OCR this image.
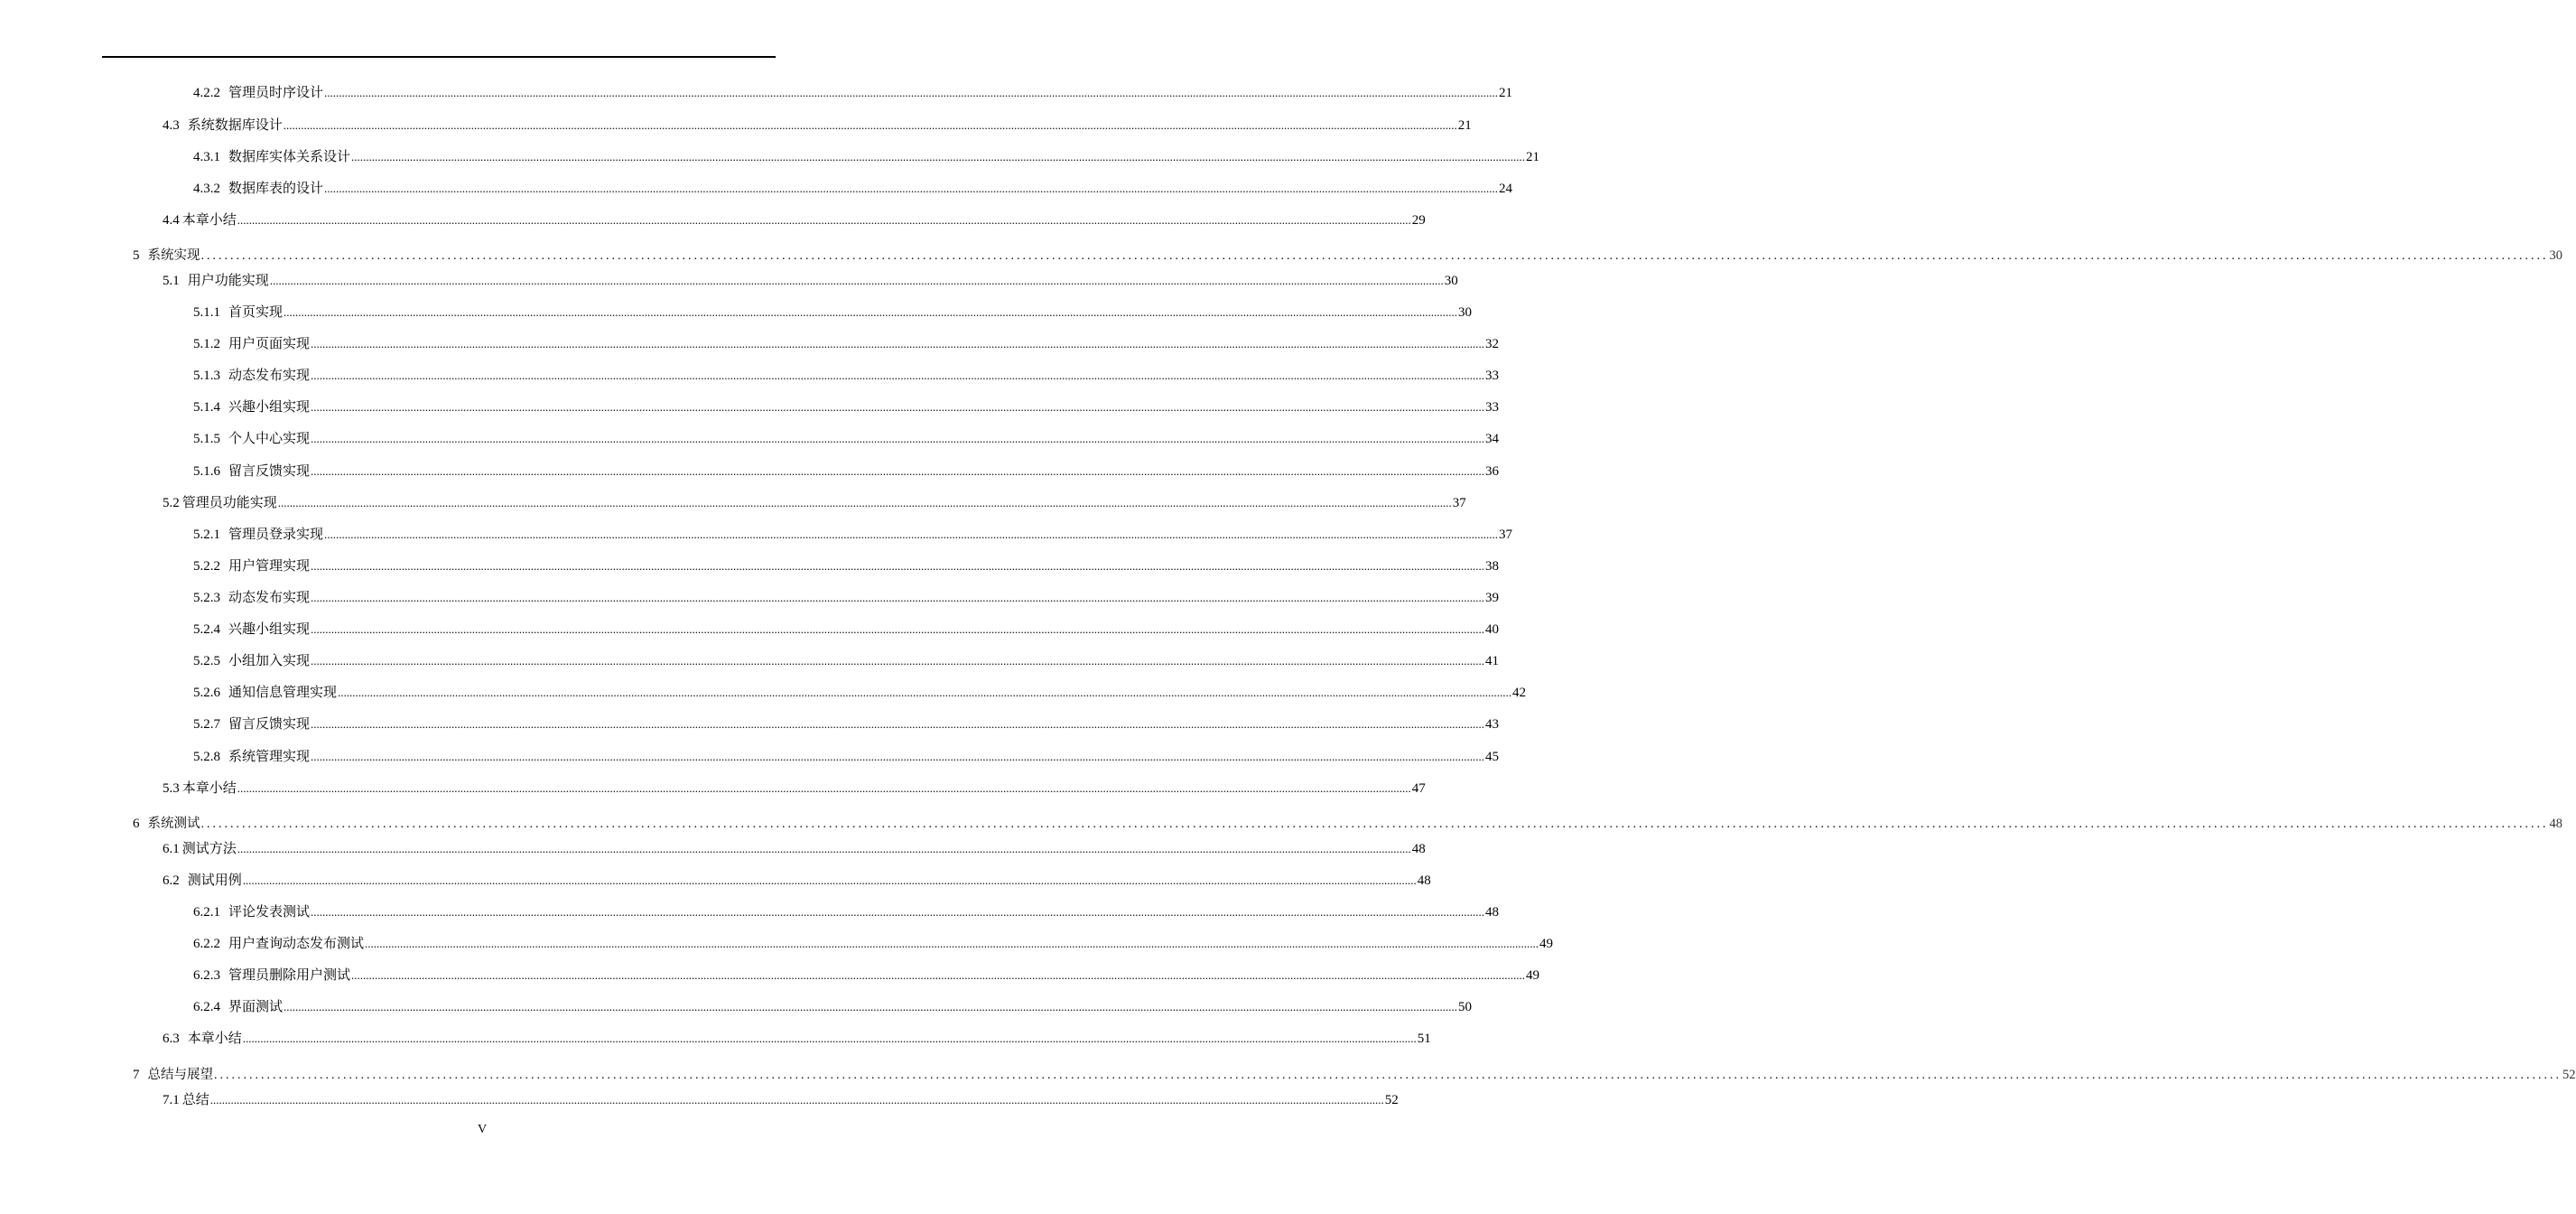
4.2.2 管理员时序设计 ................................................................................................................................................................................................................................................................................................................................................................................................................ 21
4.3 系统数据库设计 ................................................................................................................................................................................................................................................................................................................................................................................................................ 21
4.3.1 数据库实体关系设计 ................................................................................................................................................................................................................................................................................................................................................................................................................ 21
4.3.2 数据库表的设计 ................................................................................................................................................................................................................................................................................................................................................................................................................ 24
4.4 本章小结 ................................................................................................................................................................................................................................................................................................................................................................................................................ 29
5 系统实现 ................................................................................................................................................................................................................................................................................................................................................................................................................ 30
5.1 用户功能实现 ................................................................................................................................................................................................................................................................................................................................................................................................................ 30
5.1.1 首页实现 ................................................................................................................................................................................................................................................................................................................................................................................................................ 30
5.1.2 用户页面实现 ................................................................................................................................................................................................................................................................................................................................................................................................................ 32
5.1.3 动态发布实现 ................................................................................................................................................................................................................................................................................................................................................................................................................ 33
5.1.4 兴趣小组实现 ................................................................................................................................................................................................................................................................................................................................................................................................................ 33
5.1.5 个人中心实现 ................................................................................................................................................................................................................................................................................................................................................................................................................ 34
5.1.6 留言反馈实现 ................................................................................................................................................................................................................................................................................................................................................................................................................ 36
5.2 管理员功能实现 ................................................................................................................................................................................................................................................................................................................................................................................................................ 37
5.2.1 管理员登录实现 ................................................................................................................................................................................................................................................................................................................................................................................................................ 37
5.2.2 用户管理实现 ................................................................................................................................................................................................................................................................................................................................................................................................................ 38
5.2.3 动态发布实现 ................................................................................................................................................................................................................................................................................................................................................................................................................ 39
5.2.4 兴趣小组实现 ................................................................................................................................................................................................................................................................................................................................................................................................................ 40
5.2.5 小组加入实现 ................................................................................................................................................................................................................................................................................................................................................................................................................ 41
5.2.6 通知信息管理实现 ................................................................................................................................................................................................................................................................................................................................................................................................................ 42
5.2.7 留言反馈实现 ................................................................................................................................................................................................................................................................................................................................................................................................................ 43
5.2.8 系统管理实现 ................................................................................................................................................................................................................................................................................................................................................................................................................ 45
5.3 本章小结 ................................................................................................................................................................................................................................................................................................................................................................................................................ 47
6 系统测试 ................................................................................................................................................................................................................................................................................................................................................................................................................ 48
6.1 测试方法 ................................................................................................................................................................................................................................................................................................................................................................................................................ 48
6.2 测试用例 ................................................................................................................................................................................................................................................................................................................................................................................................................ 48
6.2.1 评论发表测试 ................................................................................................................................................................................................................................................................................................................................................................................................................ 48
6.2.2 用户查询动态发布测试 ................................................................................................................................................................................................................................................................................................................................................................................................................ 49
6.2.3 管理员删除用户测试 ................................................................................................................................................................................................................................................................................................................................................................................................................ 49
6.2.4 界面测试 ................................................................................................................................................................................................................................................................................................................................................................................................................ 50
6.3 本章小结 ................................................................................................................................................................................................................................................................................................................................................................................................................ 51
7 总结与展望 ................................................................................................................................................................................................................................................................................................................................................................................................................ 52
7.1 总结 ................................................................................................................................................................................................................................................................................................................................................................................................................ 52
V
